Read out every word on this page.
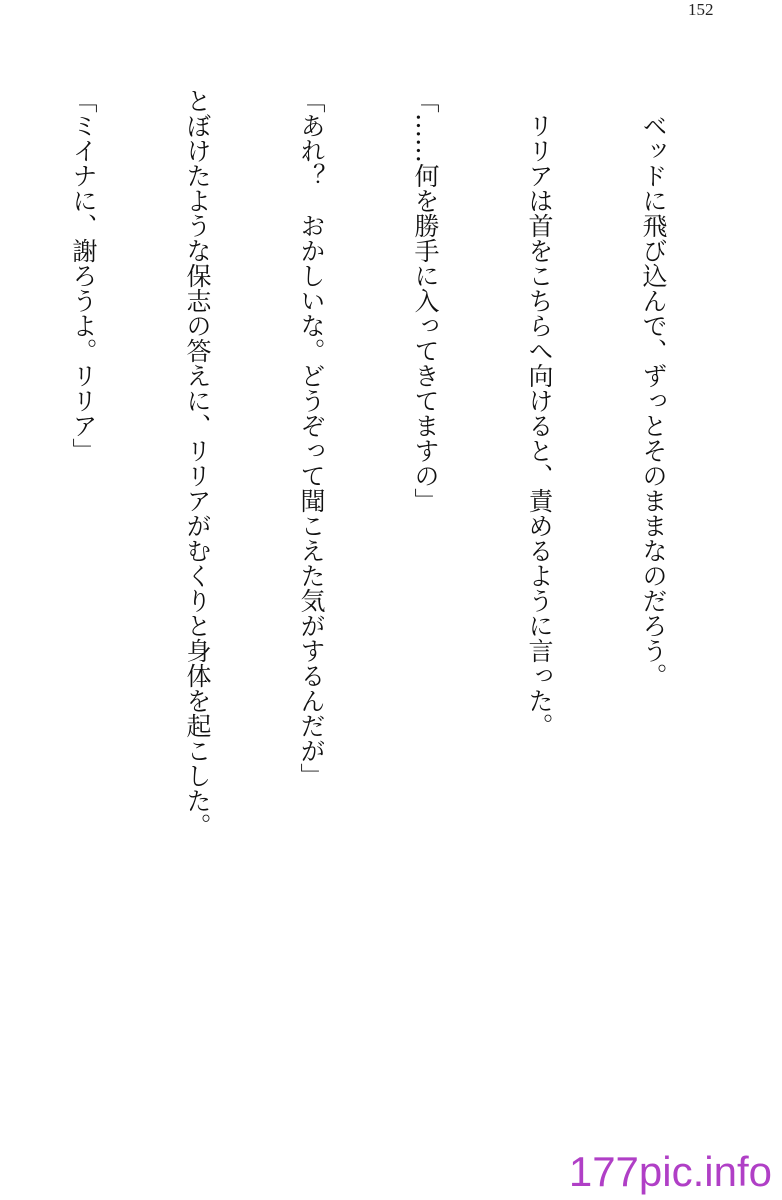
152

ベッドに飛び込んで、ずっとそのままなのだろう。

リリアは首をこちらへ向けると、責めるように言った。

「……何を勝手に入ってきてますの」

「あれ？　おかしいな。どうぞって聞こえた気がするんだが」

とぼけたような保志の答えに、リリアがむくりと身体を起こした。

「ミイナに、謝ろうよ。リリア」

177pic.info
